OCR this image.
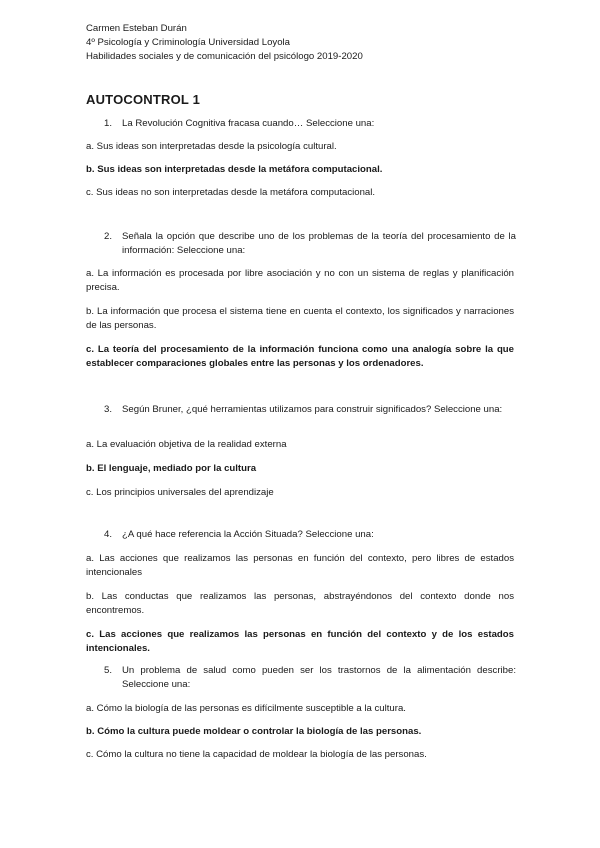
Carmen Esteban Durán
4º Psicología y Criminología Universidad Loyola
Habilidades sociales y de comunicación del psicólogo 2019-2020
AUTOCONTROL 1
1.	La Revolución Cognitiva fracasa cuando… Seleccione una:
a. Sus ideas son interpretadas desde la psicología cultural.
b. Sus ideas son interpretadas desde la metáfora computacional.
c. Sus ideas no son interpretadas desde la metáfora computacional.
2.	Señala la opción que describe uno de los problemas de la teoría del procesamiento de la información: Seleccione una:
a. La información es procesada por libre asociación y no con un sistema de reglas y planificación precisa.
b. La información que procesa el sistema tiene en cuenta el contexto, los significados y narraciones de las personas.
c. La teoría del procesamiento de la información funciona como una analogía sobre la que establecer comparaciones globales entre las personas y los ordenadores.
3.	Según Bruner, ¿qué herramientas utilizamos para construir significados? Seleccione una:
a. La evaluación objetiva de la realidad externa
b. El lenguaje, mediado por la cultura
c. Los principios universales del aprendizaje
4.	¿A qué hace referencia la Acción Situada? Seleccione una:
a. Las acciones que realizamos las personas en función del contexto, pero libres de estados intencionales
b. Las conductas que realizamos las personas, abstrayéndonos del contexto donde nos encontremos.
c. Las acciones que realizamos las personas en función del contexto y de los estados intencionales.
5.	Un problema de salud como pueden ser los trastornos de la alimentación describe: Seleccione una:
a. Cómo la biología de las personas es difícilmente susceptible a la cultura.
b. Cómo la cultura puede moldear o controlar la biología de las personas.
c. Cómo la cultura no tiene la capacidad de moldear la biología de las personas.
